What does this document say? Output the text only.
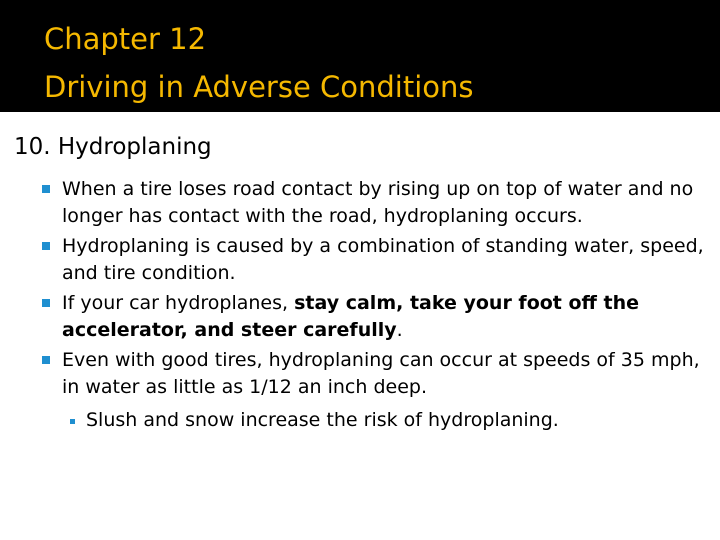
Chapter 12
Driving in Adverse Conditions
10. Hydroplaning
When a tire loses road contact by rising up on top of water and no longer has contact with the road, hydroplaning occurs.
Hydroplaning is caused by a combination of standing water, speed, and tire condition.
If your car hydroplanes, stay calm, take your foot off the accelerator, and steer carefully.
Even with good tires, hydroplaning can occur at speeds of 35 mph, in water as little as 1/12 an inch deep.
Slush and snow increase the risk of hydroplaning.
